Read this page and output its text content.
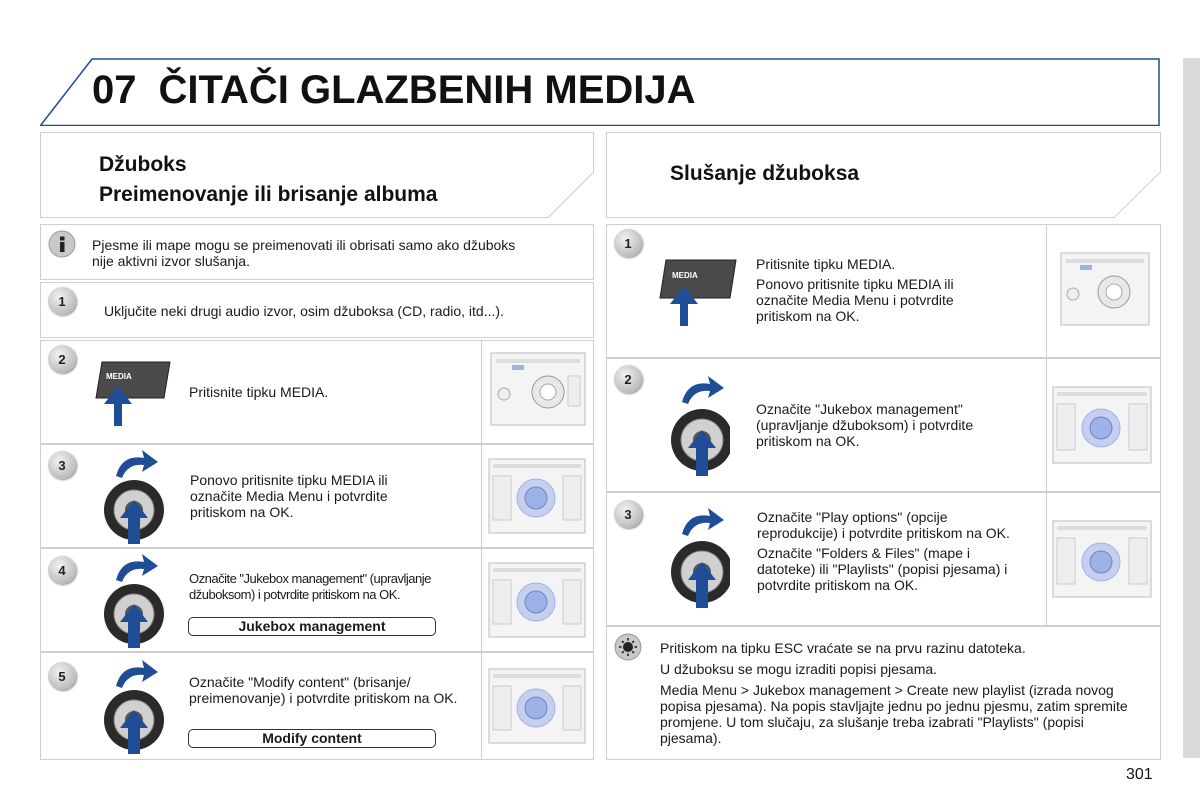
07 ČITAČI GLAZBENIH MEDIJA
Džuboks
Preimenovanje ili brisanje albuma
Pjesme ili mape mogu se preimenovati ili obrisati samo ako džuboks nije aktivni izvor slušanja.
1
Uključite neki drugi audio izvor, osim džuboksa (CD, radio, itd...).
2
MEDIA
Pritisnite tipku MEDIA.
3
Ponovo pritisnite tipku MEDIA ili označite Media Menu i potvrdite pritiskom na OK.
4
Označite "Jukebox management" (upravljanje džuboksom) i potvrdite pritiskom na OK.
Jukebox management
5	Označite "Modify content" (brisanje/ preimenovanje) i potvrdite pritiskom na OK.
Modify content
Slušanje džuboksa
1
MEDIA
Pritisnite tipku MEDIA.
Ponovo pritisnite tipku MEDIA ili označite Media Menu i potvrdite pritiskom na OK.
2
Označite "Jukebox management" (upravljanje džuboksom) i potvrdite pritiskom na OK.
3	Označite "Play options" (opcije reprodukcije) i potvrdite pritiskom na OK.
Označite "Folders & Files" (mape i datoteke) ili "Playlists" (popisi pjesama) i potvrdite pritiskom na OK.
Pritiskom na tipku ESC vraćate se na prvu razinu datoteka.
U džuboksu se mogu izraditi popisi pjesama.
Media Menu > Jukebox management > Create new playlist (izrada novog popisa pjesama). Na popis stavljajte jednu po jednu pjesmu, zatim spremite promjene. U tom slučaju, za slušanje treba izabrati "Playlists" (popisi pjesama).
301
